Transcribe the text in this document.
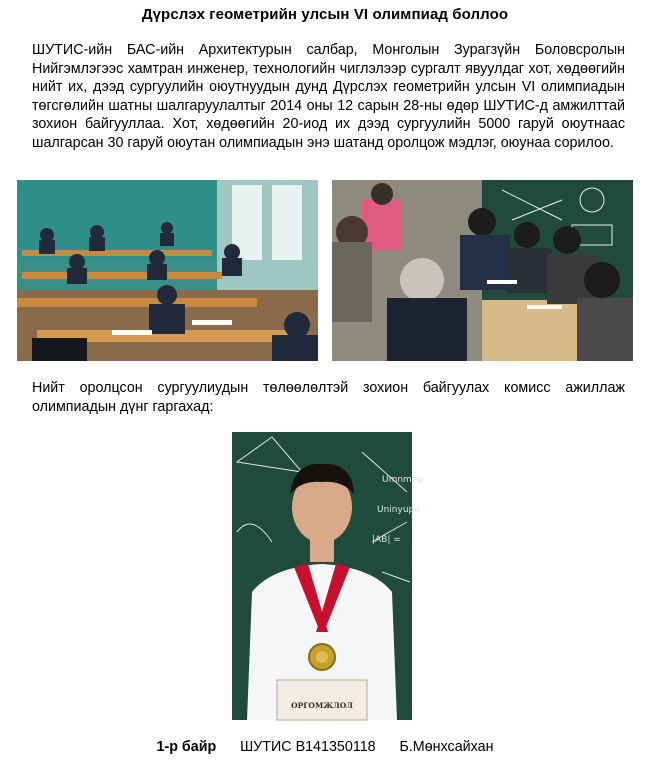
Дүрслэх геометрийн улсын VI олимпиад боллоо
ШУТИС-ийн БАС-ийн Архитектурын салбар, Монголын Зурагзүйн Боловсролын Нийгэмлэгээс хамтран инженер, технологийн чиглэлээр сургалт явуулдаг хот, хөдөөгийн нийт их, дээд сургуулийн оюутнуудын дунд Дүрслэх геометрийн улсын VI олимпиадын төгсгөлийн шатны шалгаруулалтыг 2014 оны 12 сарын 28-ны өдөр ШУТИС-д амжилттай зохион байгууллаа. Хот, хөдөөгийн 20-иод их дээд сургуулийн 5000 гаруй оюутнаас шалгарсан 30 гаруй оюутан олимпиадын энэ шатанд оролцож мэдлэг, оюунаа сорилоо.
Нийт оролцсон сургуулиудын төлөөлөлтэй зохион байгуулах комисс ажиллаж олимпиадын дүнг гаргахад:
Umnmep
Uninyupa
|AB| =
ОРГОМЖЛОЛ
1-р байр ШУТИС B141350118 Б.Мөнхсайхан
